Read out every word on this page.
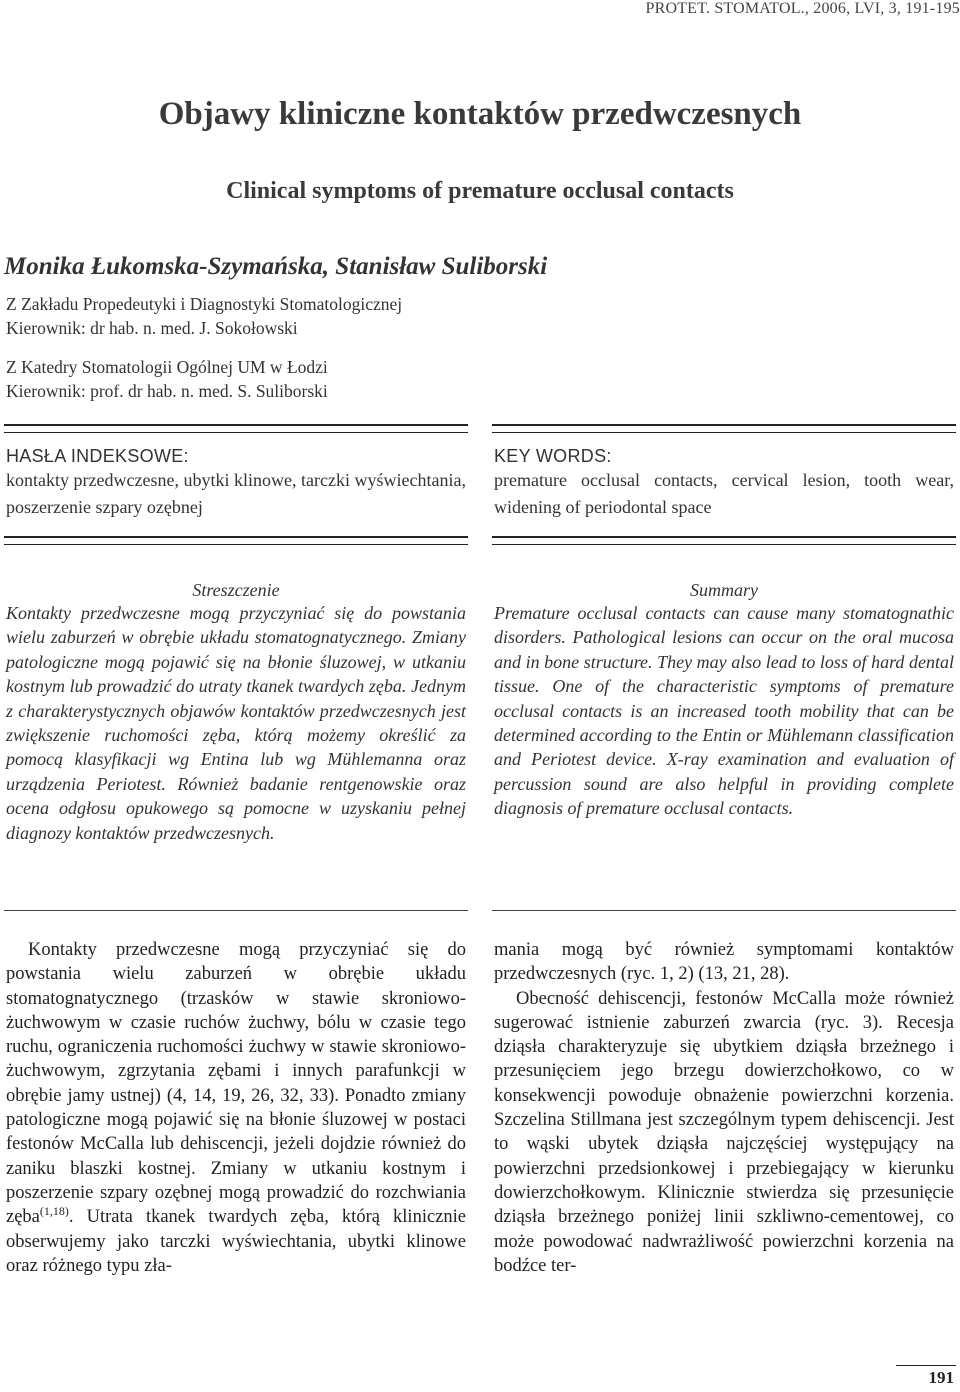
PROTET. STOMATOL., 2006, LVI, 3, 191-195
Objawy kliniczne kontaktów przedwczesnych
Clinical symptoms of premature occlusal contacts
Monika Łukomska-Szymańska, Stanisław Suliborski
Z Zakładu Propedeutyki i Diagnostyki Stomatologicznej
Kierownik: dr hab. n. med. J. Sokołowski
Z Katedry Stomatologii Ogólnej UM w Łodzi
Kierownik: prof. dr hab. n. med. S. Suliborski
HASŁA INDEKSOWE:
kontakty przedwczesne, ubytki klinowe, tarczki wyświechtania, poszerzenie szpary ozębnej
KEY WORDS:
premature occlusal contacts, cervical lesion, tooth wear, widening of periodontal space
Streszczenie
Kontakty przedwczesne mogą przyczyniać się do powstania wielu zaburzeń w obrębie układu stomatognatycznego. Zmiany patologiczne mogą pojawić się na błonie śluzowej, w utkaniu kostnym lub prowadzić do utraty tkanek twardych zęba. Jednym z charakterystycznych objawów kontaktów przedwczesnych jest zwiększenie ruchomości zęba, którą możemy określić za pomocą klasyfikacji wg Entina lub wg Mühlemanna oraz urządzenia Periotest. Również badanie rentgenowskie oraz ocena odgłosu opukowego są pomocne w uzyskaniu pełnej diagnozy kontaktów przedwczesnych.
Summary
Premature occlusal contacts can cause many stomatognathic disorders. Pathological lesions can occur on the oral mucosa and in bone structure. They may also lead to loss of hard dental tissue. One of the characteristic symptoms of premature occlusal contacts is an increased tooth mobility that can be determined according to the Entin or Mühlemann classification and Periotest device. X-ray examination and evaluation of percussion sound are also helpful in providing complete diagnosis of premature occlusal contacts.

Kontakty przedwczesne mogą przyczyniać się do powstania wielu zaburzeń w obrębie układu stomatognatycznego (trzasków w stawie skroniowo-żuchwowym w czasie ruchów żuchwy, bólu w czasie tego ruchu, ograniczenia ruchomości żuchwy w stawie skroniowo-żuchwowym, zgrzytania zębami i innych parafunkcji w obrębie jamy ustnej) (4, 14, 19, 26, 32, 33). Ponadto zmiany patologiczne mogą pojawić się na błonie śluzowej w postaci festonów McCalla lub dehiscencji, jeżeli dojdzie również do zaniku blaszki kostnej. Zmiany w utkaniu kostnym i poszerzenie szpary ozębnej mogą prowadzić do rozchwiania zęba$^{(1,18)}$. Utrata tkanek twardych zęba, którą klinicznie obserwujemy jako tarczki wyświechtania, ubytki klinowe oraz różnego typu zła-

mania mogą być również symptomami kontaktów przedwczesnych (ryc. 1, 2) (13, 21, 28).

Obecność dehiscencji, festonów McCalla może również sugerować istnienie zaburzeń zwarcia (ryc. 3). Recesja dziąsła charakteryzuje się ubytkiem dziąsła brzeżnego i przesunięciem jego brzegu dowierzchołkowo, co w konsekwencji powoduje obnażenie powierzchni korzenia. Szczelina Stillmana jest szczególnym typem dehiscencji. Jest to wąski ubytek dziąsła najczęściej występujący na powierzchni przedsionkowej i przebiegający w kierunku dowierzchołkowym. Klinicznie stwierdza się przesunięcie dziąsła brzeżnego poniżej linii szkliwno-cementowej, co może powodować nadwrażliwość powierzchni korzenia na bodźce ter-

191
